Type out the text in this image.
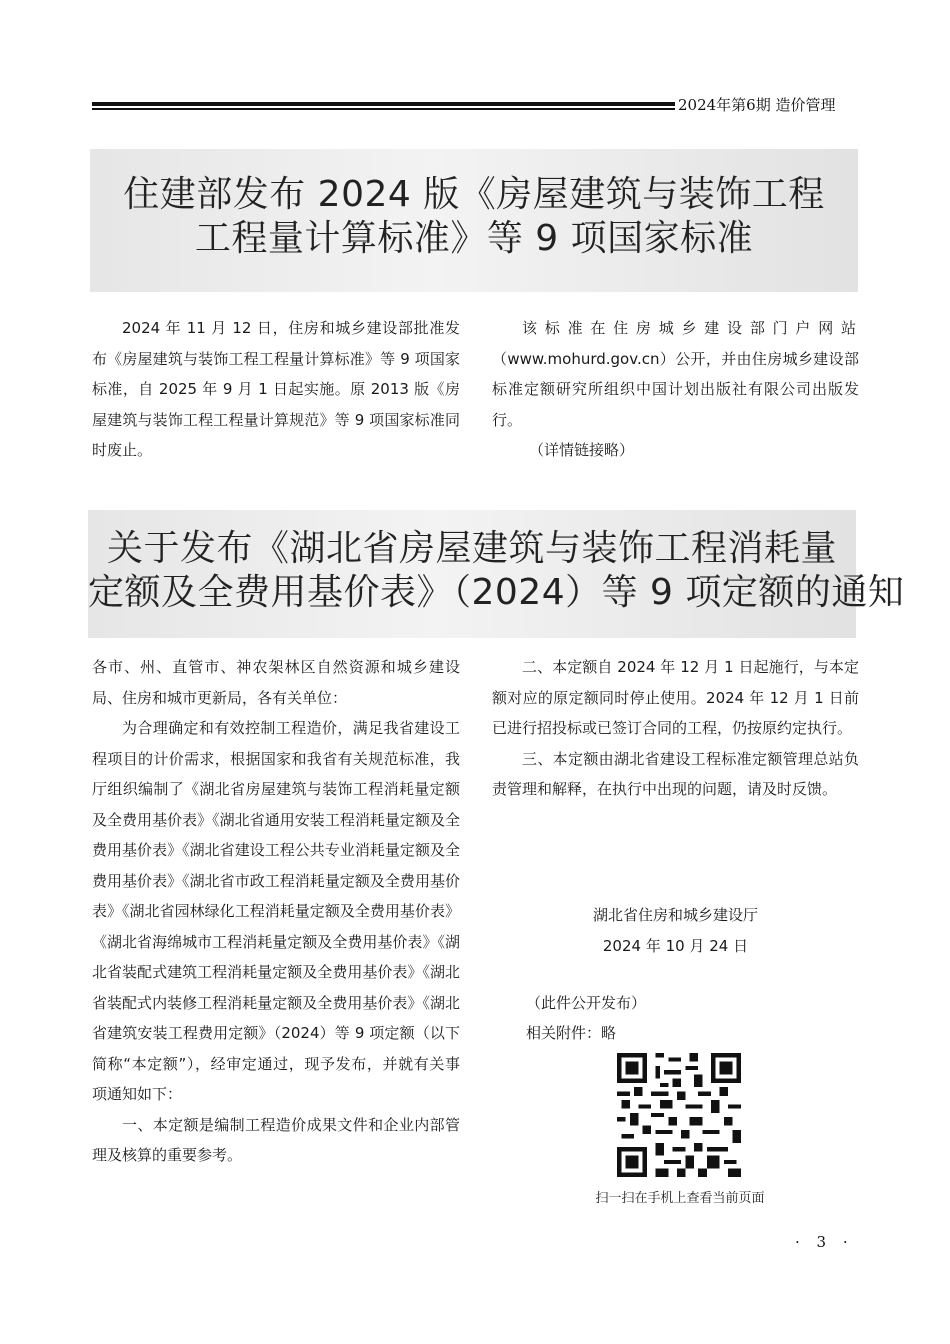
2024年第6期 造价管理
住建部发布 2024 版《房屋建筑与装饰工程
工程量计算标准》等 9 项国家标准

2024 年 11 月 12 日，住房和城乡建设部批准发布《房屋建筑与装饰工程工程量计算标准》等 9 项国家标准，自 2025 年 9 月 1 日起实施。原 2013 版《房屋建筑与装饰工程工程量计算规范》等 9 项国家标准同时废止。

该标准在住房城乡建设部门户网站

（www.mohurd.gov.cn）公开，并由住房城乡建设部标准定额研究所组织中国计划出版社有限公司出版发行。

（详情链接略）

关于发布《湖北省房屋建筑与装饰工程消耗量
定额及全费用基价表》（2024）等 9 项定额的通知

各市、州、直管市、神农架林区自然资源和城乡建设局、住房和城市更新局，各有关单位：

为合理确定和有效控制工程造价，满足我省建设工程项目的计价需求，根据国家和我省有关规范标准，我厅组织编制了《湖北省房屋建筑与装饰工程消耗量定额及全费用基价表》《湖北省通用安装工程消耗量定额及全费用基价表》《湖北省建设工程公共专业消耗量定额及全费用基价表》《湖北省市政工程消耗量定额及全费用基价表》《湖北省园林绿化工程消耗量定额及全费用基价表》《湖北省海绵城市工程消耗量定额及全费用基价表》《湖北省装配式建筑工程消耗量定额及全费用基价表》《湖北省装配式内装修工程消耗量定额及全费用基价表》《湖北省建筑安装工程费用定额》（2024）等 9 项定额（以下简称“本定额”），经审定通过，现予发布，并就有关事项通知如下：

一、本定额是编制工程造价成果文件和企业内部管理及核算的重要参考。

二、本定额自 2024 年 12 月 1 日起施行，与本定额对应的原定额同时停止使用。2024 年 12 月 1 日前已进行招投标或已签订合同的工程，仍按原约定执行。

三、本定额由湖北省建设工程标准定额管理总站负责管理和解释，在执行中出现的问题，请及时反馈。

湖北省住房和城乡建设厅
2024 年 10 月 24 日
（此件公开发布）
相关附件：略
扫一扫在手机上查看当前页面
· 3 ·
